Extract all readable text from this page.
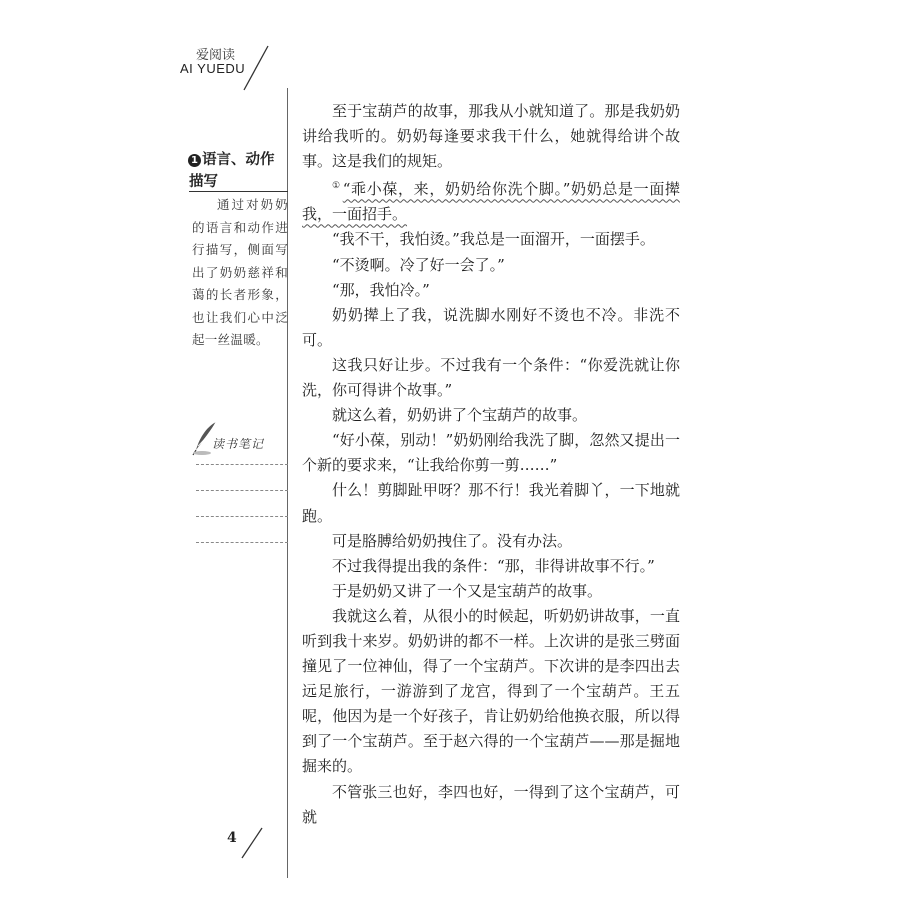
爱阅读
AI YUEDU
1 语言、动作
描写
通过对奶奶的语言和动作进行描写，侧面写出了奶奶慈祥和蔼的长者形象，也让我们心中泛起一丝温暖。
读书笔记

至于宝葫芦的故事，那我从小就知道了。那是我奶奶讲给我听的。奶奶每逢要求我干什么，她就得给讲个故事。这是我们的规矩。

① “乖小葆，来，奶奶给你洗个脚。”奶奶总是一面撵我，一面招手。

“我不干，我怕烫。”我总是一面溜开，一面摆手。

“不烫啊。冷了好一会了。”

“那，我怕冷。”

奶奶撵上了我，说洗脚水刚好不烫也不冷。非洗不可。

这我只好让步。不过我有一个条件：“你爱洗就让你洗，你可得讲个故事。”

就这么着，奶奶讲了个宝葫芦的故事。

“好小葆，别动！”奶奶刚给我洗了脚，忽然又提出一个新的要求来，“让我给你剪一剪……”

什么！剪脚趾甲呀？那不行！我光着脚丫，一下地就跑。

可是胳膊给奶奶拽住了。没有办法。

不过我得提出我的条件：“那，非得讲故事不行。”

于是奶奶又讲了一个又是宝葫芦的故事。

我就这么着，从很小的时候起，听奶奶讲故事，一直听到我十来岁。奶奶讲的都不一样。上次讲的是张三劈面撞见了一位神仙，得了一个宝葫芦。下次讲的是李四出去远足旅行，一游游到了龙宫，得到了一个宝葫芦。王五呢，他因为是一个好孩子，肯让奶奶给他换衣服，所以得到了一个宝葫芦。至于赵六得的一个宝葫芦——那是掘地掘来的。

不管张三也好，李四也好，一得到了这个宝葫芦，可就

4
